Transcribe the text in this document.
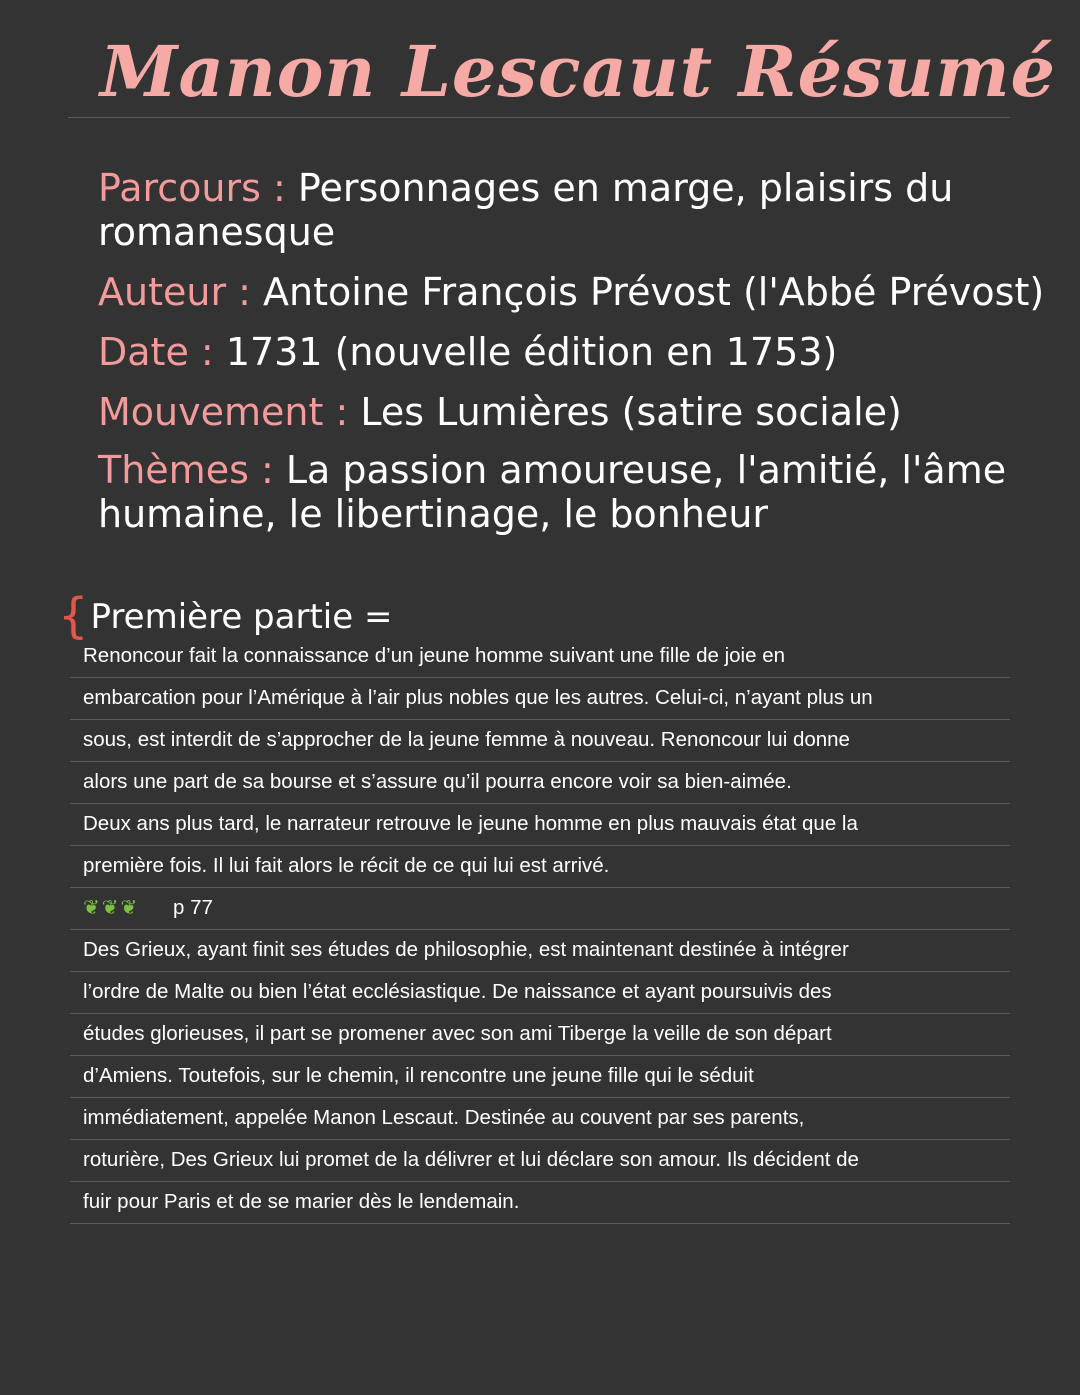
Manon Lescaut Résumé
Parcours : Personnages en marge, plaisirs du romanesque
Auteur : Antoine François Prévost (l'Abbé Prévost)
Date : 1731 (nouvelle édition en 1753)
Mouvement : Les Lumières (satire sociale)
Thèmes : La passion amoureuse, l'amitié, l'âme humaine, le libertinage, le bonheur
{Première partie =
Renoncour fait la connaissance d’un jeune homme suivant une fille de joie en
embarcation pour l’Amérique à l’air plus nobles que les autres. Celui-ci, n’ayant plus un
sous, est interdit de s’approcher de la jeune femme à nouveau. Renoncour lui donne
alors une part de sa bourse et s’assure qu’il pourra encore voir sa bien-aimée.
Deux ans plus tard, le narrateur retrouve le jeune homme en plus mauvais état que la
première fois. Il lui fait alors le récit de ce qui lui est arrivé.
❦❦❦ p 77
Des Grieux, ayant finit ses études de philosophie, est maintenant destinée à intégrer
l’ordre de Malte ou bien l’état ecclésiastique. De naissance et ayant poursuivis des
études glorieuses, il part se promener avec son ami Tiberge la veille de son départ
d’Amiens. Toutefois, sur le chemin, il rencontre une jeune fille qui le séduit
immédiatement, appelée Manon Lescaut. Destinée au couvent par ses parents,
roturière, Des Grieux lui promet de la délivrer et lui déclare son amour. Ils décident de
fuir pour Paris et de se marier dès le lendemain.
